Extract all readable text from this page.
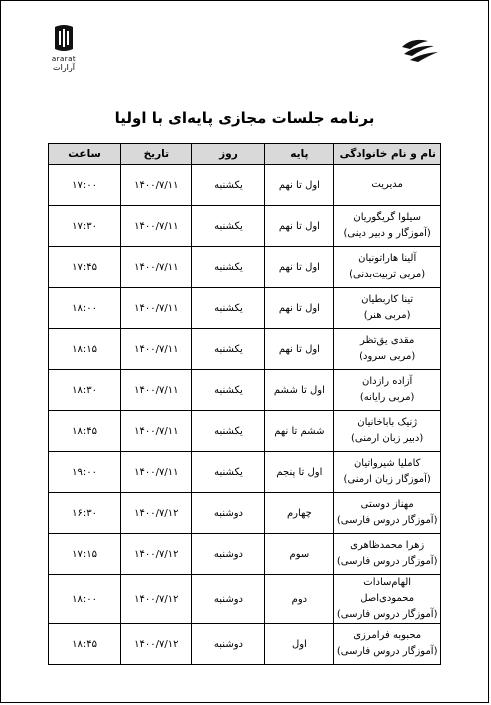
ararat
آرارات
برنامه جلسات مجازی پایه‌ای با اولیا
نام و نام خانوادگی	پایه	روز	تاریخ	ساعت

مدیریت	اول تا نهم	یکشنبه	۱۴۰۰/۷/۱۱	۱۷:۰۰

سیلوا گریگوریان
(آموزگار و دبیر دینی)	اول تا نهم	یکشنبه	۱۴۰۰/۷/۱۱	۱۷:۳۰

آلینا هاراتونیان
(مربی تربیت‌بدنی)	اول تا نهم	یکشنبه	۱۴۰۰/۷/۱۱	۱۷:۴۵

تینا کاربطیان
(مربی هنر)	اول تا نهم	یکشنبه	۱۴۰۰/۷/۱۱	۱۸:۰۰

مقدی یق‌تظر
(مربی سرود)	اول تا نهم	یکشنبه	۱۴۰۰/۷/۱۱	۱۸:۱۵

آزاده رازدان
(مربی رایانه)	اول تا ششم	یکشنبه	۱۴۰۰/۷/۱۱	۱۸:۳۰

ژنیک باباخانیان
(دبیر زبان ارمنی)	ششم تا نهم	یکشنبه	۱۴۰۰/۷/۱۱	۱۸:۴۵

کاملیا شیرواتیان
(آموزگار زبان ارمنی)	اول تا پنجم	یکشنبه	۱۴۰۰/۷/۱۱	۱۹:۰۰

مهناز دوستی
(آموزگار دروس فارسی)	چهارم	دوشنبه	۱۴۰۰/۷/۱۲	۱۶:۳۰

زهرا محمدظاهری
(آموزگار دروس فارسی)	سوم	دوشنبه	۱۴۰۰/۷/۱۲	۱۷:۱۵

الهام‌سادات محمودی‌اصل
(آموزگار دروس فارسی)	دوم	دوشنبه	۱۴۰۰/۷/۱۲	۱۸:۰۰

محبوبه فرامرزی
(آموزگار دروس فارسی)	اول	دوشنبه	۱۴۰۰/۷/۱۲	۱۸:۴۵
